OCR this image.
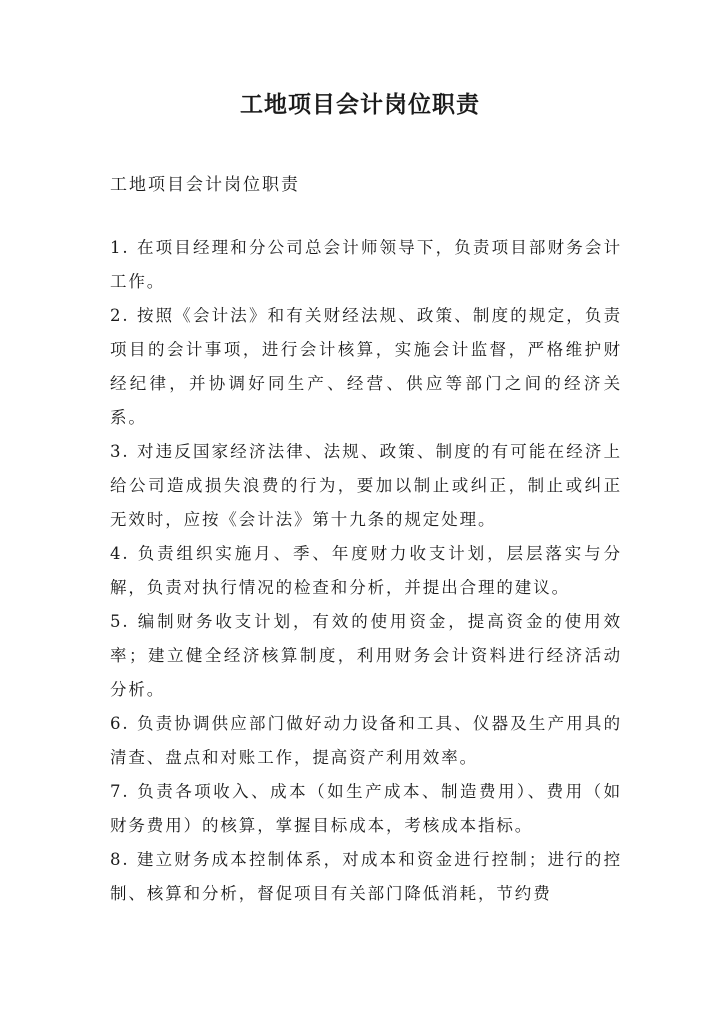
工地项目会计岗位职责

工地项目会计岗位职责

1. 在项目经理和分公司总会计师领导下，负责项目部财务会计工作。

2. 按照《会计法》和有关财经法规、政策、制度的规定，负责项目的会计事项，进行会计核算，实施会计监督，严格维护财经纪律，并协调好同生产、经营、供应等部门之间的经济关系。

3. 对违反国家经济法律、法规、政策、制度的有可能在经济上给公司造成损失浪费的行为，要加以制止或纠正，制止或纠正无效时，应按《会计法》第十九条的规定处理。

4. 负责组织实施月、季、年度财力收支计划，层层落实与分解，负责对执行情况的检查和分析，并提出合理的建议。

5. 编制财务收支计划，有效的使用资金，提高资金的使用效率；建立健全经济核算制度，利用财务会计资料进行经济活动分析。

6. 负责协调供应部门做好动力设备和工具、仪器及生产用具的清查、盘点和对账工作，提高资产利用效率。

7. 负责各项收入、成本（如生产成本、制造费用）、费用（如财务费用）的核算，掌握目标成本，考核成本指标。

8. 建立财务成本控制体系，对成本和资金进行控制；进行的控制、核算和分析，督促项目有关部门降低消耗，节约费
